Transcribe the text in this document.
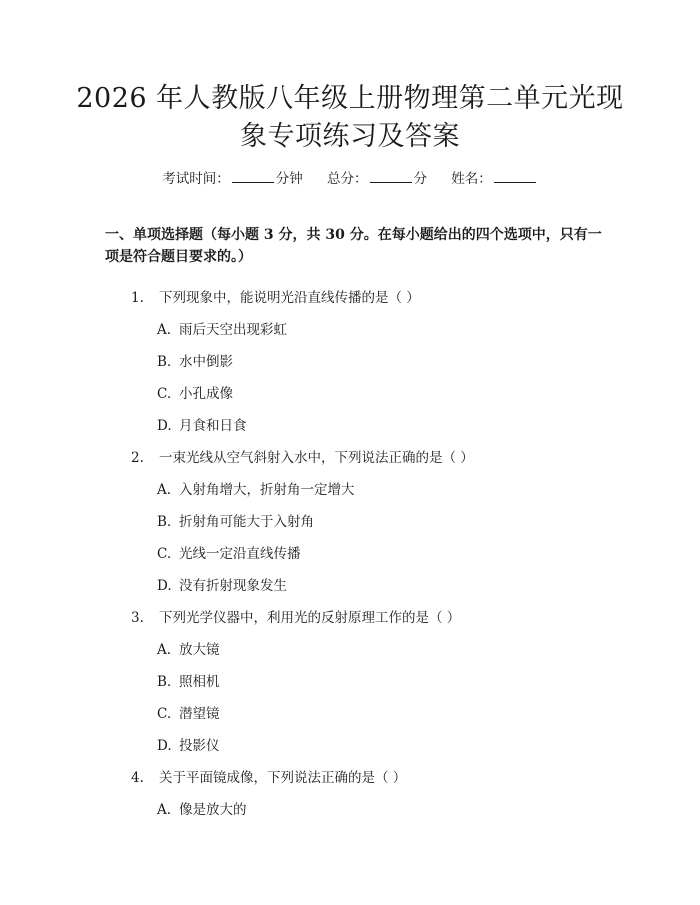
2026 年人教版八年级上册物理第二单元光现
象专项练习及答案
考试时间：	分钟 总分：	分 姓名：
一、单项选择题（每小题 3 分，共 30 分。在每小题给出的四个选项中，只有一项是符合题目要求的。）
1. 下列现象中，能说明光沿直线传播的是（ ）
A. 雨后天空出现彩虹
B. 水中倒影
C. 小孔成像
D. 月食和日食
2. 一束光线从空气斜射入水中，下列说法正确的是（ ）
A. 入射角增大，折射角一定增大
B. 折射角可能大于入射角
C. 光线一定沿直线传播
D. 没有折射现象发生
3. 下列光学仪器中，利用光的反射原理工作的是（ ）
A. 放大镜
B. 照相机
C. 潜望镜
D. 投影仪
4. 关于平面镜成像，下列说法正确的是（ ）
A. 像是放大的
